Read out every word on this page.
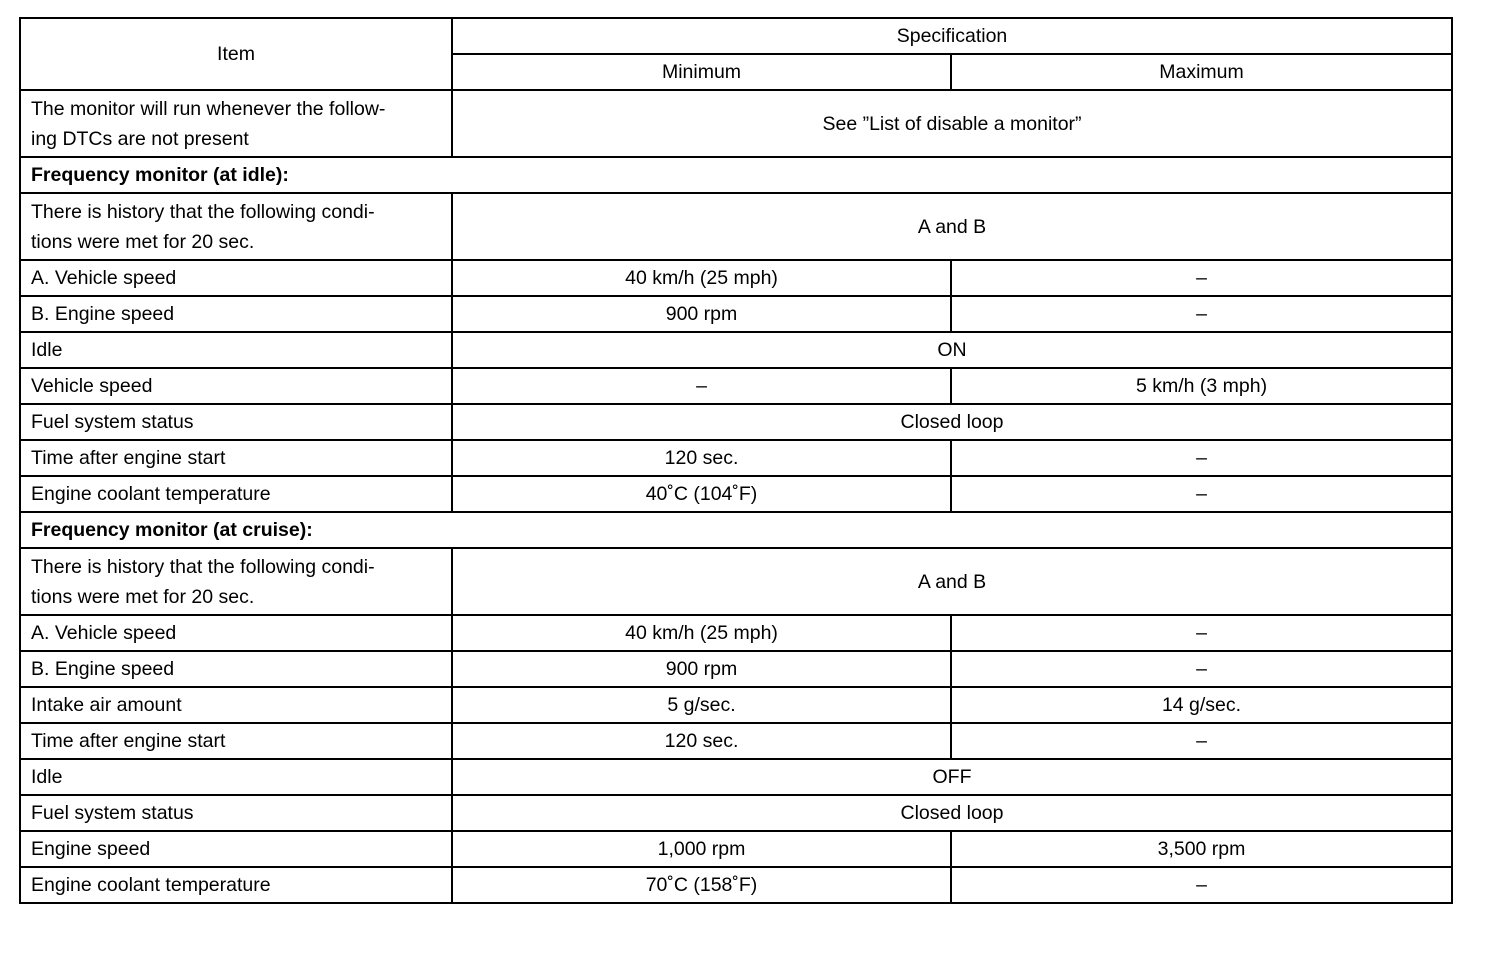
Item	Specification	
	Minimum	Maximum

The monitor will run whenever the follow-
ing DTCs are not present	See ”List of disable a monitor”	
Frequency monitor (at idle):		

There is history that the following condi-
tions were met for 20 sec.	A and B	
A. Vehicle speed	40 km/h (25 mph)	–
B. Engine speed	900 rpm	–
Idle	ON	
Vehicle speed	–	5 km/h (3 mph)
Fuel system status	Closed loop	
Time after engine start	120 sec.	–
Engine coolant temperature	40˚C (104˚F)	–
Frequency monitor (at cruise):		

There is history that the following condi-
tions were met for 20 sec.	A and B	
A. Vehicle speed	40 km/h (25 mph)	–
B. Engine speed	900 rpm	–
Intake air amount	5 g/sec.	14 g/sec.
Time after engine start	120 sec.	–
Idle	OFF	
Fuel system status	Closed loop	
Engine speed	1,000 rpm	3,500 rpm
Engine coolant temperature	70˚C (158˚F)	–
